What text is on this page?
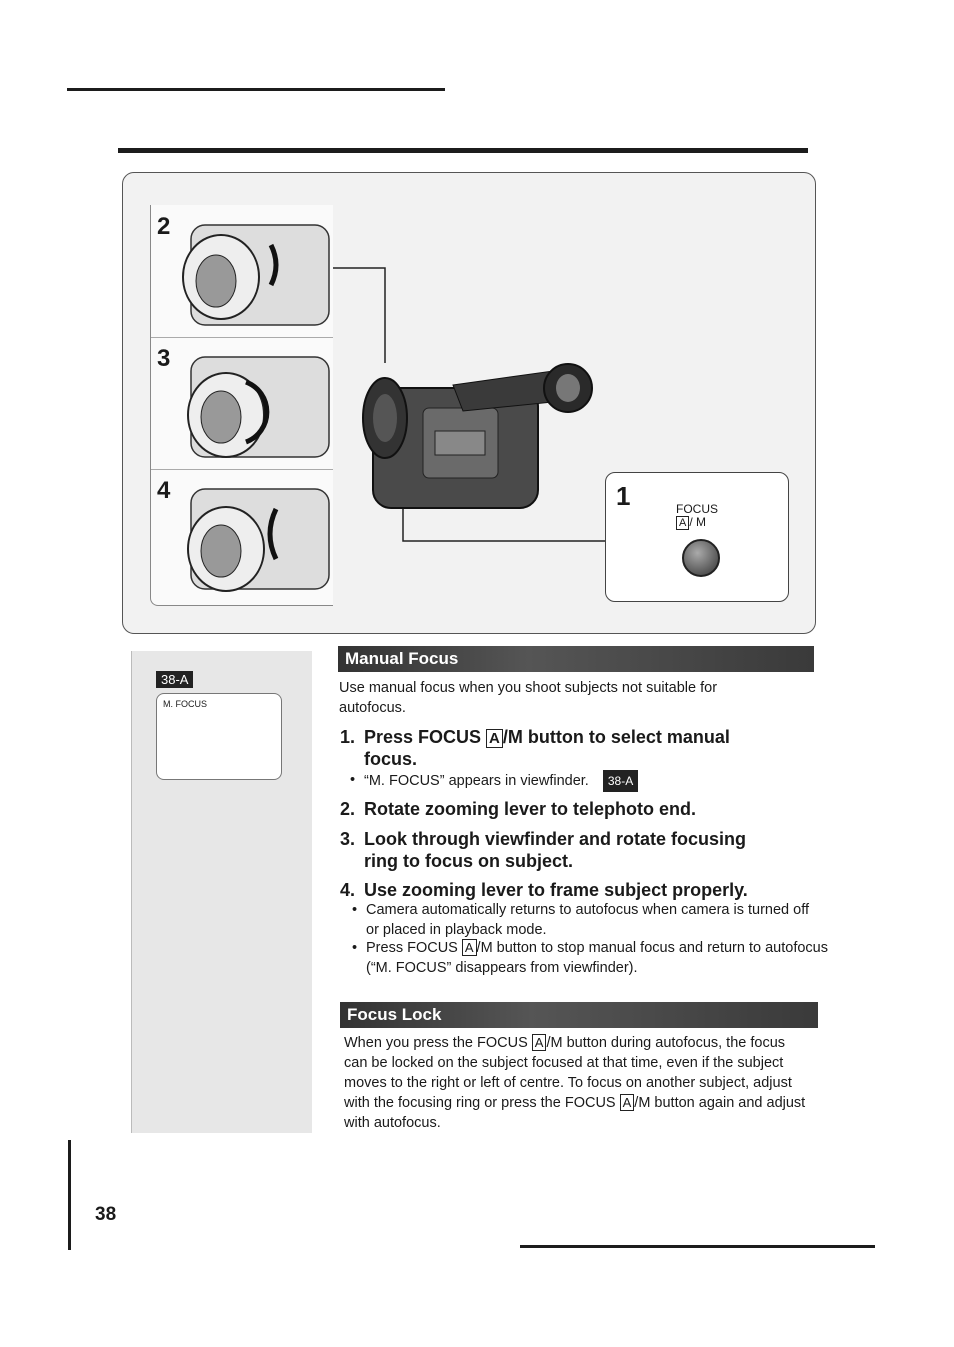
2
3
4	1	FOCUS
A / M
38-A
M. FOCUS
Manual Focus
Use manual focus when you shoot subjects not suitable for autofocus.
1. Press FOCUS A /M button to select manual
focus.
• “M. FOCUS” appears in viewfinder. 38-A
2. Rotate zooming lever to telephoto end.
3. Look through viewfinder and rotate focusing
ring to focus on subject.
4. Use zooming lever to frame subject properly.
• Camera automatically returns to autofocus when camera is turned off or placed in playback mode.
• Press FOCUS A /M button to stop manual focus and return to autofocus (“M. FOCUS” disappears from viewfinder).
Focus Lock
When you press the FOCUS A /M button during autofocus, the focus can be locked on the subject focused at that time, even if the subject moves to the right or left of centre. To focus on another subject, adjust with the focusing ring or press the FOCUS A /M button again and adjust with autofocus.
38
